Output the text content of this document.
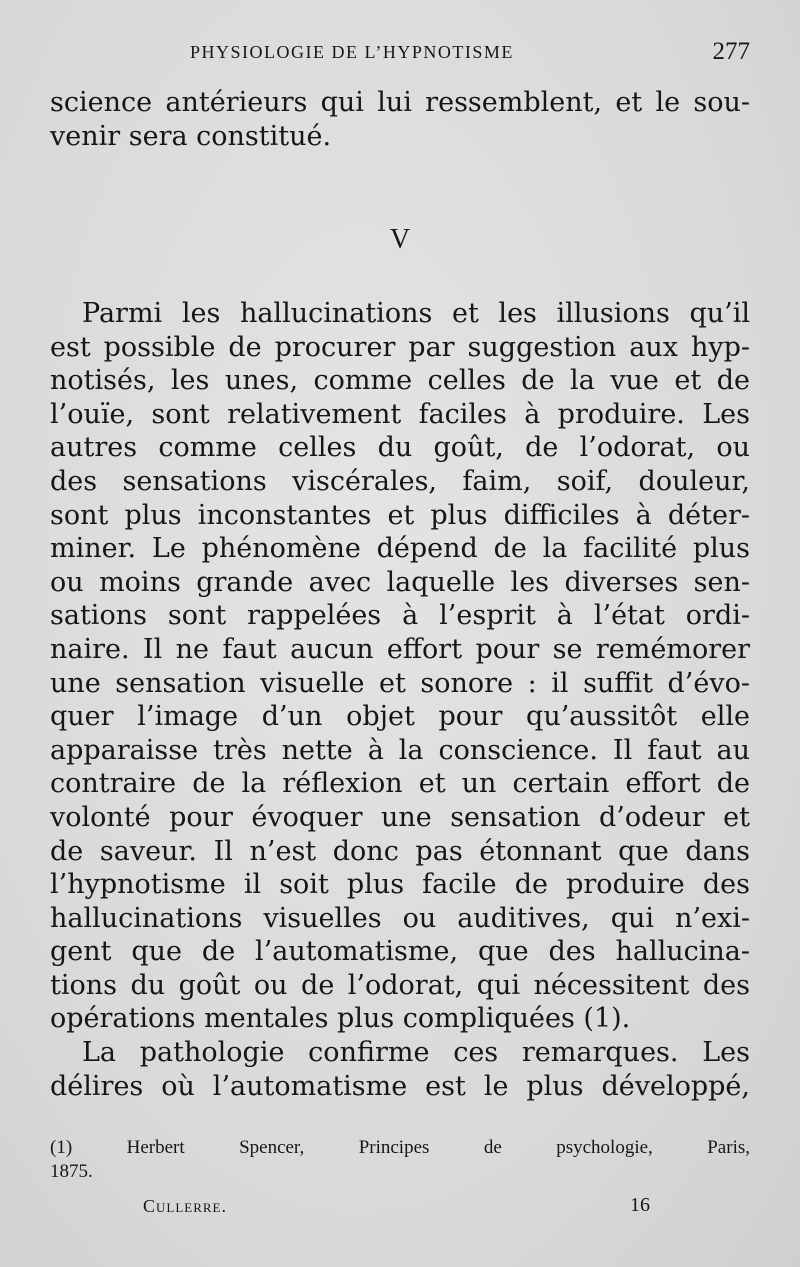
PHYSIOLOGIE DE L’HYPNOTISME	277
science antérieurs qui lui ressemblent, et le sou-
venir sera constitué.
V
Parmi les hallucinations et les illusions qu’il
est possible de procurer par suggestion aux hyp-
notisés, les unes, comme celles de la vue et de
l’ouïe, sont relativement faciles à produire. Les
autres comme celles du goût, de l’odorat, ou
des sensations viscérales, faim, soif, douleur,
sont plus inconstantes et plus difficiles à déter-
miner. Le phénomène dépend de la facilité plus
ou moins grande avec laquelle les diverses sen-
sations sont rappelées à l’esprit à l’état ordi-
naire. Il ne faut aucun effort pour se remémorer
une sensation visuelle et sonore : il suffit d’évo-
quer l’image d’un objet pour qu’aussitôt elle
apparaisse très nette à la conscience. Il faut au
contraire de la réflexion et un certain effort de
volonté pour évoquer une sensation d’odeur et
de saveur. Il n’est donc pas étonnant que dans
l’hypnotisme il soit plus facile de produire des
hallucinations visuelles ou auditives, qui n’exi-
gent que de l’automatisme, que des hallucina-
tions du goût ou de l’odorat, qui nécessitent des
opérations mentales plus compliquées (1).
La pathologie confirme ces remarques. Les
délires où l’automatisme est le plus développé,
(1) Herbert Spencer, Principes de psychologie, Paris,
1875.
Cullerre.	16
